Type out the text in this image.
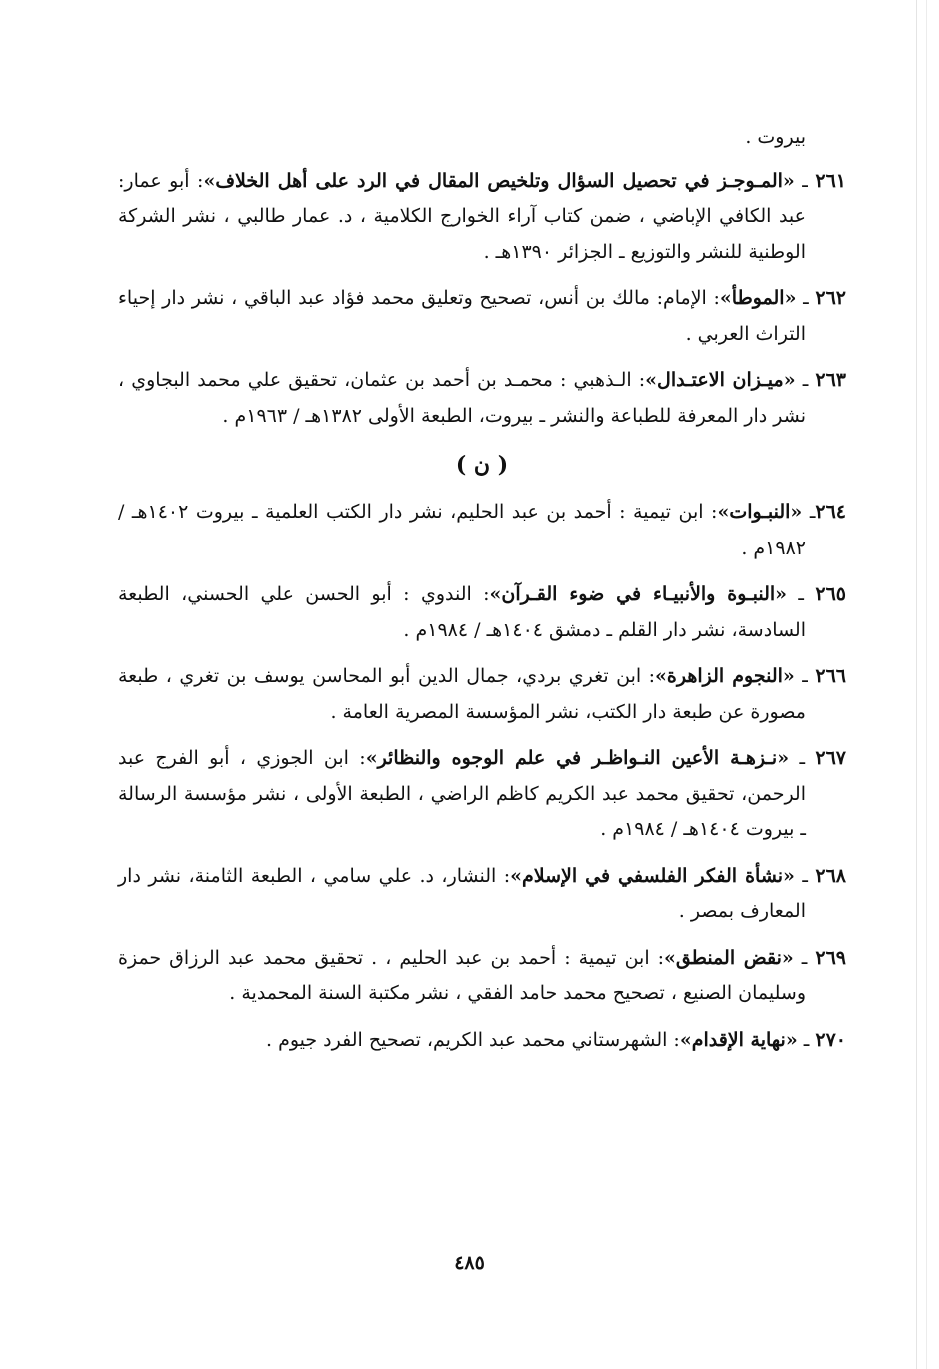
بيروت .

٢٦١ ـ «المـوجـز في تحصيل السؤال وتلخيص المقال في الرد على أهل الخلاف»: أبو عمار: عبد الكافي الإباضي ، ضمن كتاب آراء الخوارج الكلامية ، د. عمار طالبي ، نشر الشركة الوطنية للنشر والتوزيع ـ الجزائر ١٣٩٠هـ .

٢٦٢ ـ «الموطأ»: الإمام: مالك بن أنس، تصحيح وتعليق محمد فؤاد عبد الباقي ، نشر دار إحياء التراث العربي .

٢٦٣ ـ «ميـزان الاعتـدال»: الـذهبي : محمـد بن أحمد بن عثمان، تحقيق علي محمد البجاوي ، نشر دار المعرفة للطباعة والنشر ـ بيروت، الطبعة الأولى ١٣٨٢هـ / ١٩٦٣م .

( ن )

٢٦٤ـ «النبـوات»: ابن تيمية : أحمد بن عبد الحليم، نشر دار الكتب العلمية ـ بيروت ١٤٠٢هـ / ١٩٨٢م .

٢٦٥ ـ «النبـوة والأنبيـاء في ضوء القـرآن»: الندوي : أبو الحسن علي الحسني، الطبعة السادسة، نشر دار القلم ـ دمشق ١٤٠٤هـ / ١٩٨٤م .

٢٦٦ ـ «النجوم الزاهرة»: ابن تغري بردي، جمال الدين أبو المحاسن يوسف بن تغري ، طبعة مصورة عن طبعة دار الكتب، نشر المؤسسة المصرية العامة .

٢٦٧ ـ «نـزهـة الأعين النـواظـر في علم الوجوه والنظائر»: ابن الجوزي ، أبو الفرج عبد الرحمن، تحقيق محمد عبد الكريم كاظم الراضي ، الطبعة الأولى ، نشر مؤسسة الرسالة ـ بيروت ١٤٠٤هـ / ١٩٨٤م .

٢٦٨ ـ «نشأة الفكر الفلسفي في الإسلام»: النشار، د. علي سامي ، الطبعة الثامنة، نشر دار المعارف بمصر .

٢٦٩ ـ «نقض المنطق»: ابن تيمية : أحمد بن عبد الحليم ، . تحقيق محمد عبد الرزاق حمزة وسليمان الصنيع ، تصحيح محمد حامد الفقي ، نشر مكتبة السنة المحمدية .

٢٧٠ ـ «نهاية الإقدام»: الشهرستاني محمد عبد الكريم، تصحيح الفرد جيوم .

٤٨٥
